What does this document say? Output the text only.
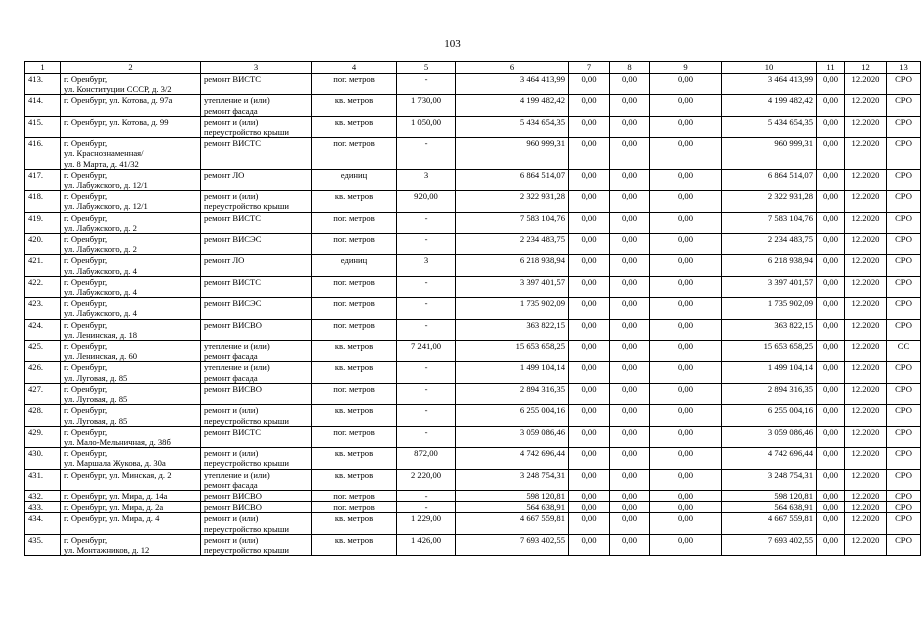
103
1	2	3	4	5	6	7	8	9	10	11	12	13
413.	г. Оренбург,
ул. Конституции СССР, д. 3/2	ремонт ВИСТС	пог. метров	-	3 464 413,99	0,00	0,00	0,00	3 464 413,99	0,00	12.2020	СРО
414.	г. Оренбург, ул. Котова, д. 97а	утепление и (или)
ремонт фасада	кв. метров	1 730,00	4 199 482,42	0,00	0,00	0,00	4 199 482,42	0,00	12.2020	СРО
415.	г. Оренбург, ул. Котова, д. 99	ремонт и (или)
переустройство крыши	кв. метров	1 050,00	5 434 654,35	0,00	0,00	0,00	5 434 654,35	0,00	12.2020	СРО
416.	г. Оренбург,
ул. Краснознаменная/
ул. 8 Марта, д. 41/32	ремонт ВИСТС	пог. метров	-	960 999,31	0,00	0,00	0,00	960 999,31	0,00	12.2020	СРО
417.	г. Оренбург,
ул. Лабужского, д. 12/1	ремонт ЛО	единиц	3	6 864 514,07	0,00	0,00	0,00	6 864 514,07	0,00	12.2020	СРО
418.	г. Оренбург,
ул. Лабужского, д. 12/1	ремонт и (или)
переустройство крыши	кв. метров	920,00	2 322 931,28	0,00	0,00	0,00	2 322 931,28	0,00	12.2020	СРО
419.	г. Оренбург,
ул. Лабужского, д. 2	ремонт ВИСТС	пог. метров	-	7 583 104,76	0,00	0,00	0,00	7 583 104,76	0,00	12.2020	СРО
420.	г. Оренбург,
ул. Лабужского, д. 2	ремонт ВИСЭС	пог. метров	-	2 234 483,75	0,00	0,00	0,00	2 234 483,75	0,00	12.2020	СРО
421.	г. Оренбург,
ул. Лабужского, д. 4	ремонт ЛО	единиц	3	6 218 938,94	0,00	0,00	0,00	6 218 938,94	0,00	12.2020	СРО
422.	г. Оренбург,
ул. Лабужского, д. 4	ремонт ВИСТС	пог. метров	-	3 397 401,57	0,00	0,00	0,00	3 397 401,57	0,00	12.2020	СРО
423.	г. Оренбург,
ул. Лабужского, д. 4	ремонт ВИСЭС	пог. метров	-	1 735 902,09	0,00	0,00	0,00	1 735 902,09	0,00	12.2020	СРО
424.	г. Оренбург,
ул. Ленинская, д. 18	ремонт ВИСВО	пог. метров	-	363 822,15	0,00	0,00	0,00	363 822,15	0,00	12.2020	СРО
425.	г. Оренбург,
ул. Ленинская, д. 60	утепление и (или)
ремонт фасада	кв. метров	7 241,00	15 653 658,25	0,00	0,00	0,00	15 653 658,25	0,00	12.2020	СС
426.	г. Оренбург,
ул. Луговая, д. 85	утепление и (или)
ремонт фасада	кв. метров	-	1 499 104,14	0,00	0,00	0,00	1 499 104,14	0,00	12.2020	СРО
427.	г. Оренбург,
ул. Луговая, д. 85	ремонт ВИСВО	пог. метров	-	2 894 316,35	0,00	0,00	0,00	2 894 316,35	0,00	12.2020	СРО
428.	г. Оренбург,
ул. Луговая, д. 85	ремонт и (или)
переустройство крыши	кв. метров	-	6 255 004,16	0,00	0,00	0,00	6 255 004,16	0,00	12.2020	СРО
429.	г. Оренбург,
ул. Мало-Мельничная, д. 38б	ремонт ВИСТС	пог. метров	-	3 059 086,46	0,00	0,00	0,00	3 059 086,46	0,00	12.2020	СРО
430.	г. Оренбург,
ул. Маршала Жукова, д. 30а	ремонт и (или)
переустройство крыши	кв. метров	872,00	4 742 696,44	0,00	0,00	0,00	4 742 696,44	0,00	12.2020	СРО
431.	г. Оренбург, ул. Минская, д. 2	утепление и (или)
ремонт фасада	кв. метров	2 220,00	3 248 754,31	0,00	0,00	0,00	3 248 754,31	0,00	12.2020	СРО
432.	г. Оренбург, ул. Мира, д. 14а	ремонт ВИСВО	пог. метров	-	598 120,81	0,00	0,00	0,00	598 120,81	0,00	12.2020	СРО
433.	г. Оренбург, ул. Мира, д. 2а	ремонт ВИСВО	пог. метров	-	564 638,91	0,00	0,00	0,00	564 638,91	0,00	12.2020	СРО
434.	г. Оренбург, ул. Мира, д. 4	ремонт и (или)
переустройство крыши	кв. метров	1 229,00	4 667 559,81	0,00	0,00	0,00	4 667 559,81	0,00	12.2020	СРО
435.	г. Оренбург,
ул. Монтажников, д. 12	ремонт и (или)
переустройство крыши	кв. метров	1 426,00	7 693 402,55	0,00	0,00	0,00	7 693 402,55	0,00	12.2020	СРО
